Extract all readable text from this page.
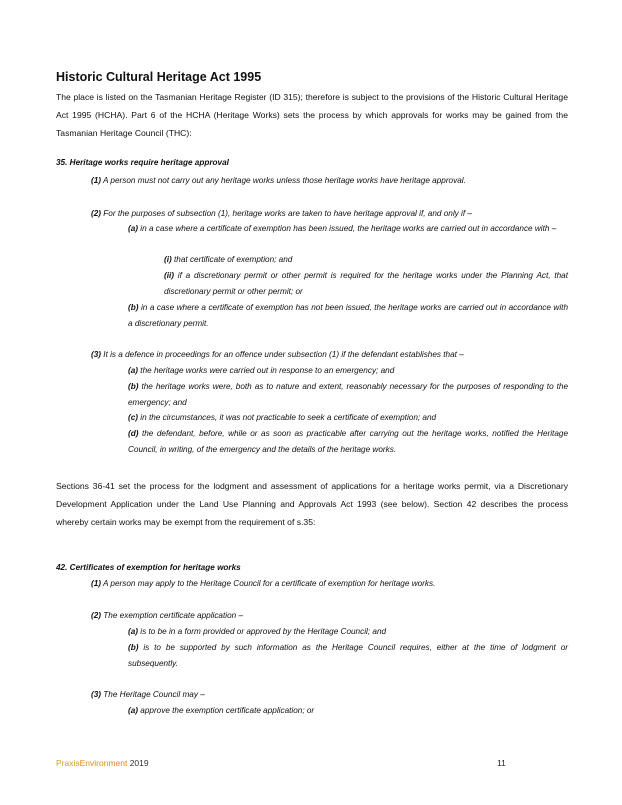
Historic Cultural Heritage Act 1995
The place is listed on the Tasmanian Heritage Register (ID 315); therefore is subject to the provisions of the Historic Cultural Heritage Act 1995 (HCHA). Part 6 of the HCHA (Heritage Works) sets the process by which approvals for works may be gained from the Tasmanian Heritage Council (THC):
35. Heritage works require heritage approval
(1) A person must not carry out any heritage works unless those heritage works have heritage approval.
(2) For the purposes of subsection (1), heritage works are taken to have heritage approval if, and only if –
(a) in a case where a certificate of exemption has been issued, the heritage works are carried out in accordance with –
(i) that certificate of exemption; and
(ii) if a discretionary permit or other permit is required for the heritage works under the Planning Act, that discretionary permit or other permit; or
(b) in a case where a certificate of exemption has not been issued, the heritage works are carried out in accordance with a discretionary permit.
(3) It is a defence in proceedings for an offence under subsection (1) if the defendant establishes that –
(a) the heritage works were carried out in response to an emergency; and
(b) the heritage works were, both as to nature and extent, reasonably necessary for the purposes of responding to the emergency; and
(c) in the circumstances, it was not practicable to seek a certificate of exemption; and
(d) the defendant, before, while or as soon as practicable after carrying out the heritage works, notified the Heritage Council, in writing, of the emergency and the details of the heritage works.
Sections 36-41 set the process for the lodgment and assessment of applications for a heritage works permit, via a Discretionary Development Application under the Land Use Planning and Approvals Act 1993 (see below). Section 42 describes the process whereby certain works may be exempt from the requirement of s.35:
42. Certificates of exemption for heritage works
(1) A person may apply to the Heritage Council for a certificate of exemption for heritage works.
(2) The exemption certificate application –
(a) is to be in a form provided or approved by the Heritage Council; and
(b) is to be supported by such information as the Heritage Council requires, either at the time of lodgment or subsequently.
(3) The Heritage Council may –
(a) approve the exemption certificate application; or
PraxisEnvironment 2019	11
